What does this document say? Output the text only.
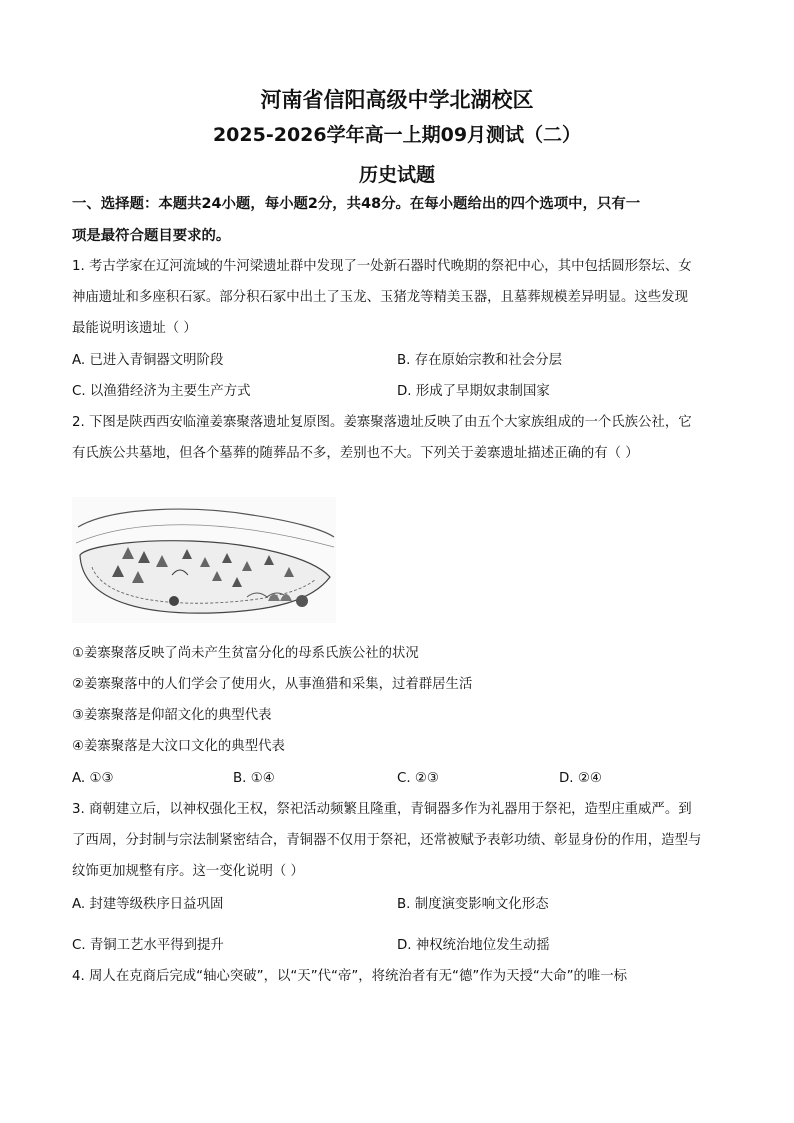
河南省信阳高级中学北湖校区
2025-2026学年高一上期09月测试（二）
历史试题
一、选择题：本题共24小题，每小题2分，共48分。在每小题给出的四个选项中，只有一
项是最符合题目要求的。
1. 考古学家在辽河流域的牛河梁遗址群中发现了一处新石器时代晚期的祭祀中心，其中包括圆形祭坛、女
神庙遗址和多座积石冢。部分积石冢中出土了玉龙、玉猪龙等精美玉器，且墓葬规模差异明显。这些发现
最能说明该遗址（ ）
A. 已进入青铜器文明阶段	B. 存在原始宗教和社会分层
C. 以渔猎经济为主要生产方式	D. 形成了早期奴隶制国家
2. 下图是陕西西安临潼姜寨聚落遗址复原图。姜寨聚落遗址反映了由五个大家族组成的一个氏族公社，它
有氏族公共墓地，但各个墓葬的随葬品不多，差别也不大。下列关于姜寨遗址描述正确的有（ ）
①姜寨聚落反映了尚未产生贫富分化的母系氏族公社的状况
②姜寨聚落中的人们学会了使用火，从事渔猎和采集，过着群居生活
③姜寨聚落是仰韶文化的典型代表
④姜寨聚落是大汶口文化的典型代表
A. ①③	B. ①④	C. ②③	D. ②④
3. 商朝建立后，以神权强化王权，祭祀活动频繁且隆重，青铜器多作为礼器用于祭祀，造型庄重威严。到
了西周，分封制与宗法制紧密结合，青铜器不仅用于祭祀，还常被赋予表彰功绩、彰显身份的作用，造型与
纹饰更加规整有序。这一变化说明（ ）
A. 封建等级秩序日益巩固	B. 制度演变影响文化形态
C. 青铜工艺水平得到提升	D. 神权统治地位发生动摇
4. 周人在克商后完成“轴心突破”，以“天”代“帝”，将统治者有无“德”作为天授“大命”的唯一标
